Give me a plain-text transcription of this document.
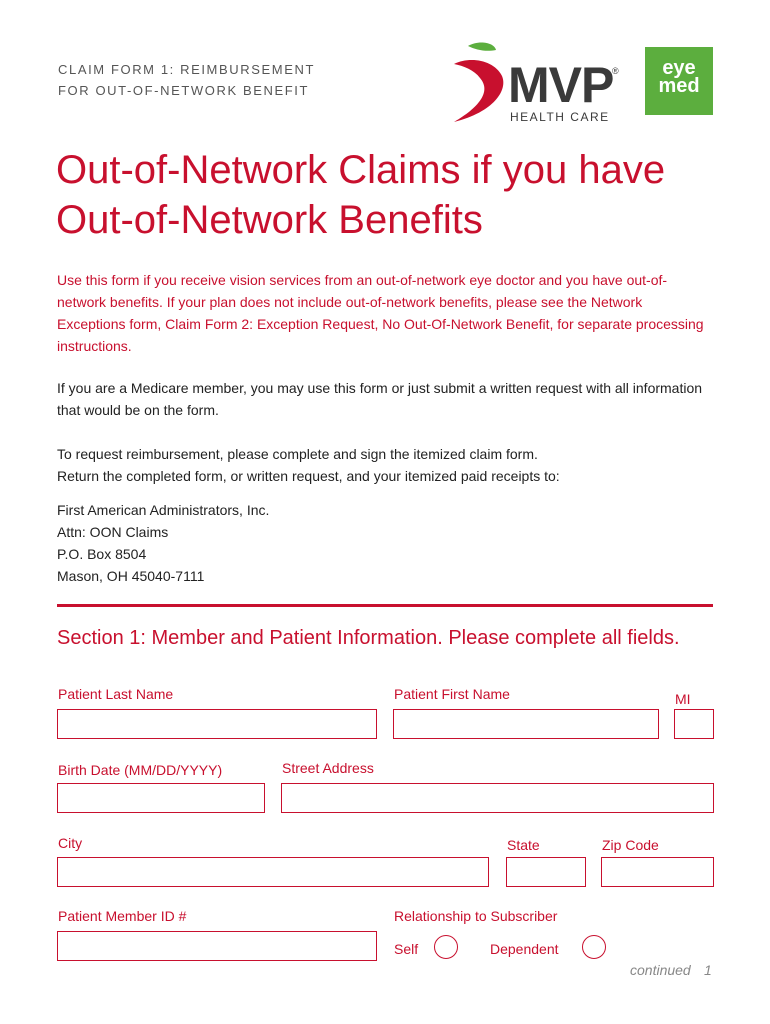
CLAIM FORM 1: REIMBURSEMENT
FOR OUT-OF-NETWORK BENEFIT	MVP
®
HEALTH CARE
eye
med
Out-of-Network Claims if you have
Out-of-Network Benefits
Use this form if you receive vision services from an out-of-network eye doctor and you have out-of-network benefits. If your plan does not include out-of-network benefits, please see the Network Exceptions form, Claim Form 2: Exception Request, No Out-Of-Network Benefit, for separate processing instructions.
If you are a Medicare member, you may use this form or just submit a written request with all information that would be on the form.
To request reimbursement, please complete and sign the itemized claim form.
Return the completed form, or written request, and your itemized paid receipts to:
First American Administrators, Inc.
Attn: OON Claims
P.O. Box 8504
Mason, OH 45040-7111
Section 1: Member and Patient Information. Please complete all fields.
Patient Last Name	Patient First Name	MI
Birth Date (MM/DD/YYYY)	Street Address
City	State	Zip Code
Patient Member ID #	Relationship to Subscriber
Self	Dependent
continued 1
